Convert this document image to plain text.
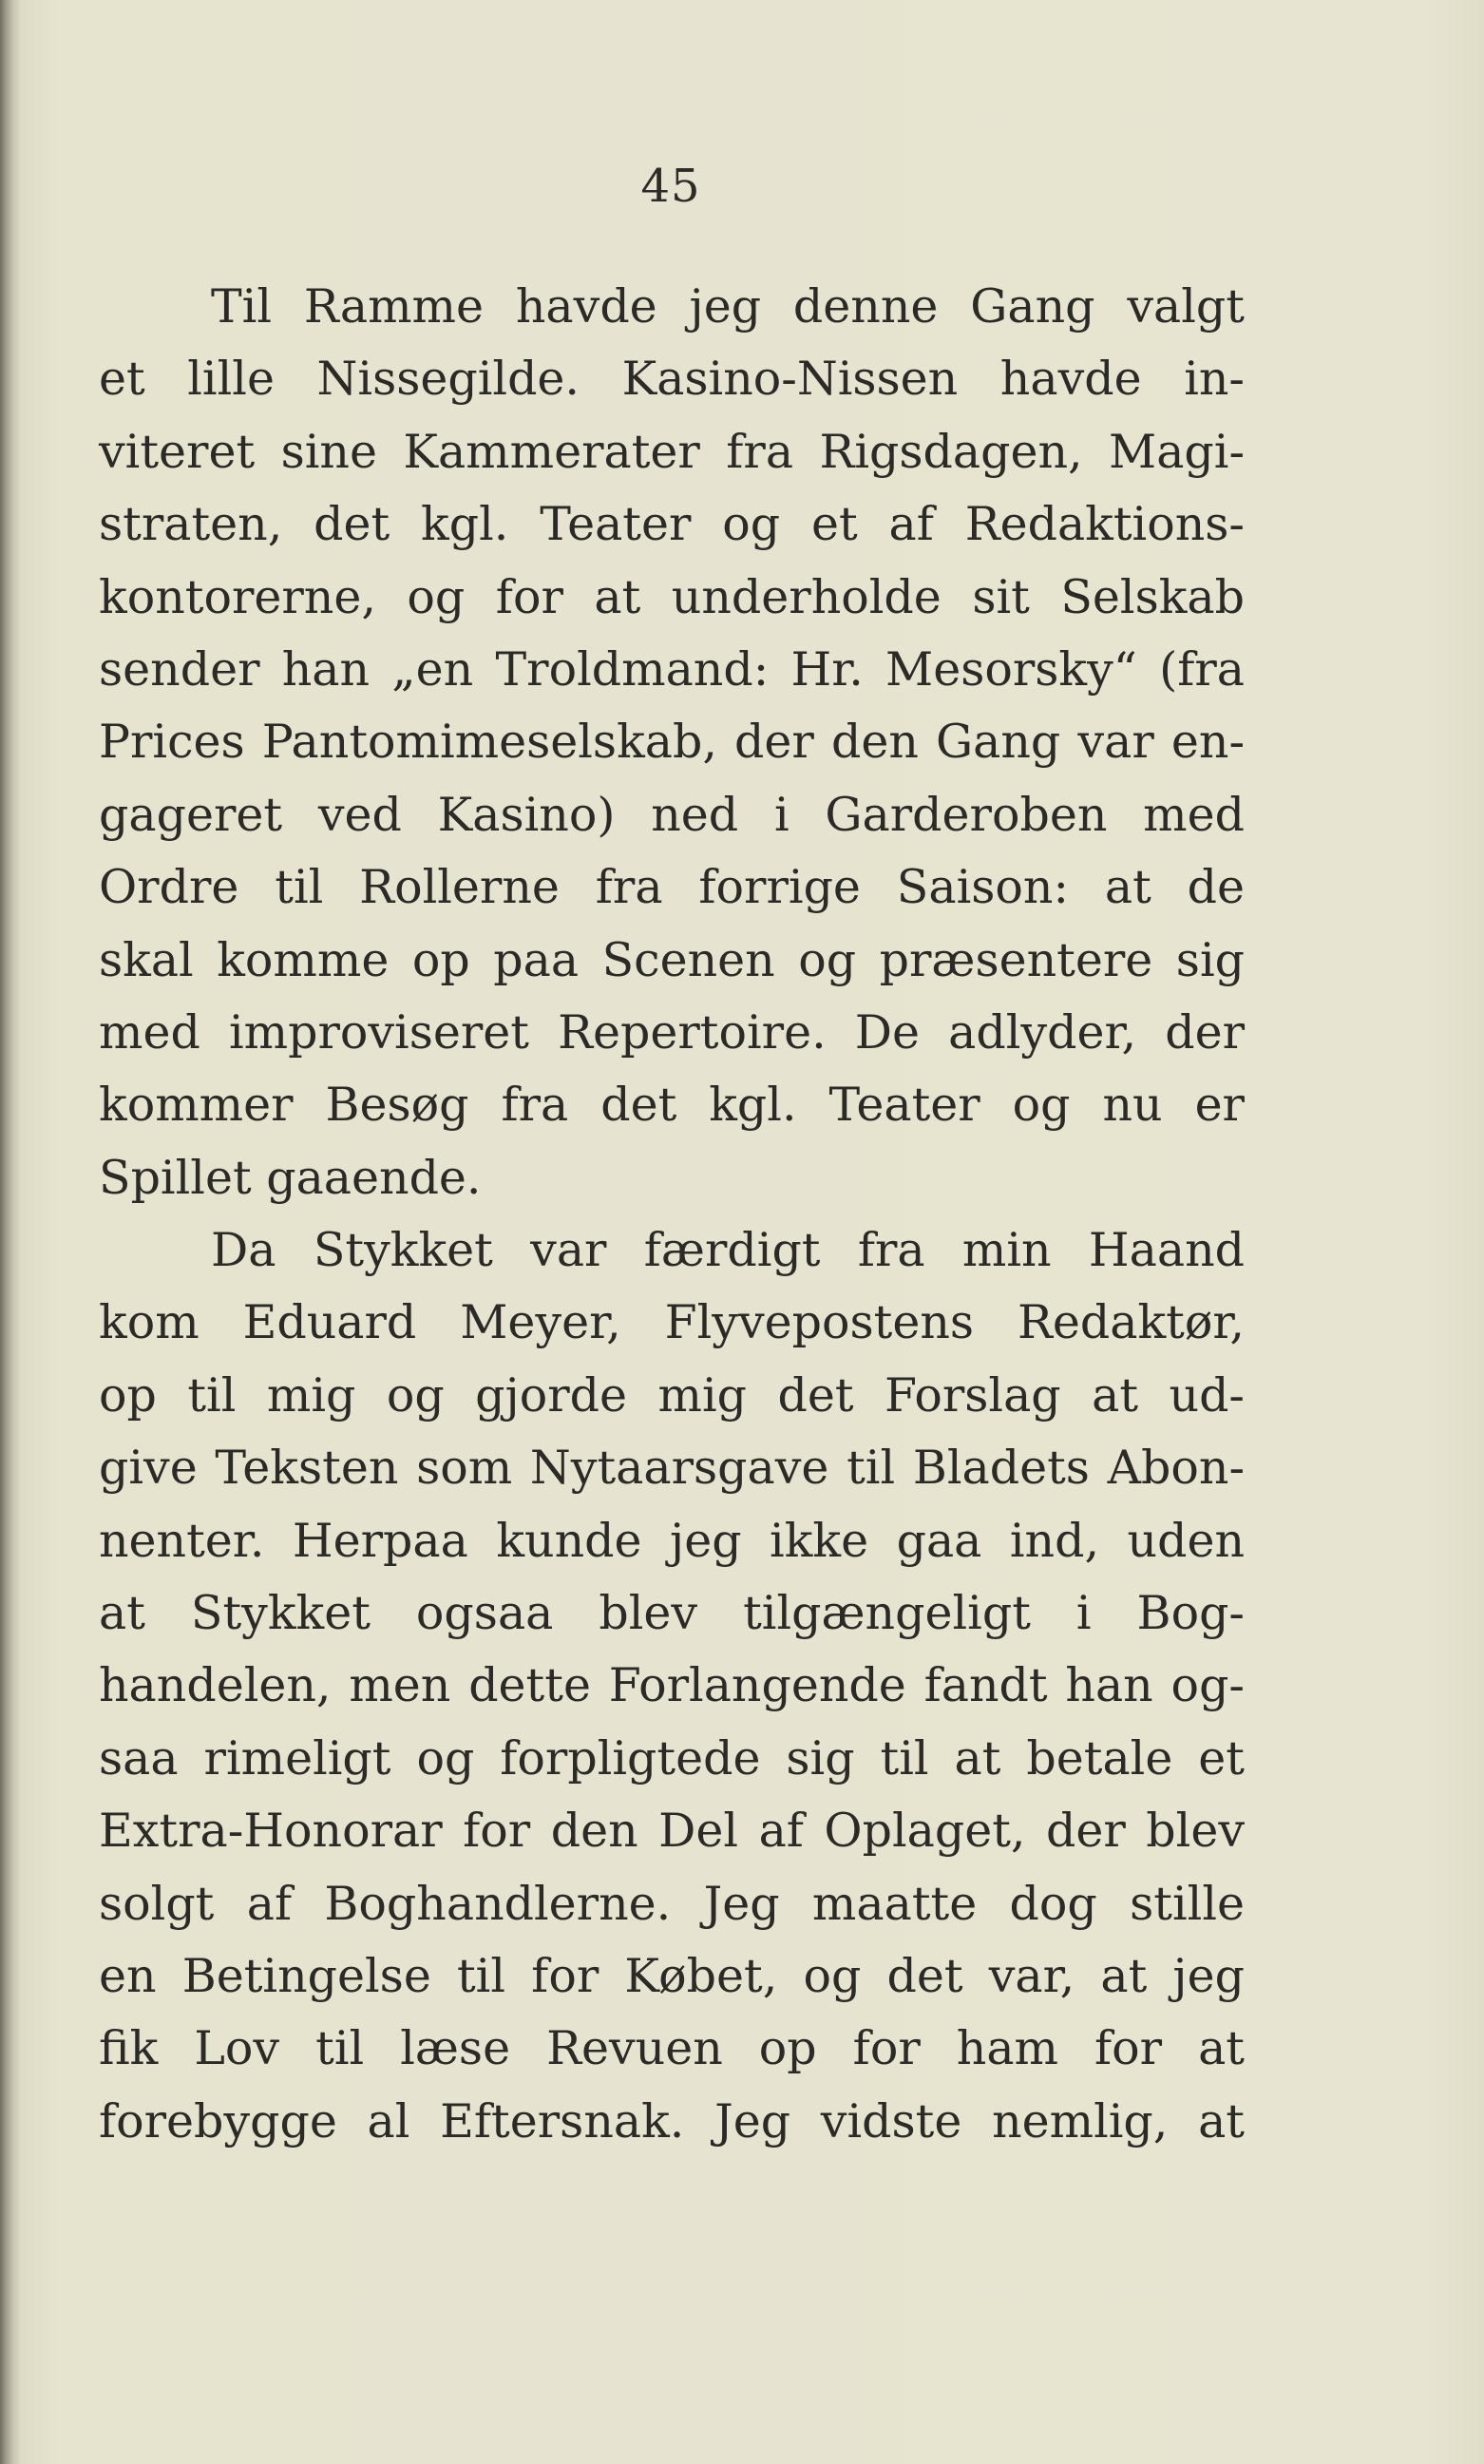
45
Til Ramme havde jeg denne Gang valgt
et lille Nissegilde. Kasino-Nissen havde in-
viteret sine Kammerater fra Rigsdagen, Magi-
straten, det kgl. Teater og et af Redaktions-
kontorerne, og for at underholde sit Selskab
sender han „en Troldmand: Hr. Mesorsky“ (fra
Prices Pantomimeselskab, der den Gang var en-
gageret ved Kasino) ned i Garderoben med
Ordre til Rollerne fra forrige Saison: at de
skal komme op paa Scenen og præsentere sig
med improviseret Repertoire. De adlyder, der
kommer Besøg fra det kgl. Teater og nu er
Spillet gaaende.
Da Stykket var færdigt fra min Haand
kom Eduard Meyer, Flyvepostens Redaktør,
op til mig og gjorde mig det Forslag at ud-
give Teksten som Nytaarsgave til Bladets Abon-
nenter. Herpaa kunde jeg ikke gaa ind, uden
at Stykket ogsaa blev tilgængeligt i Bog-
handelen, men dette Forlangende fandt han og-
saa rimeligt og forpligtede sig til at betale et
Extra-Honorar for den Del af Oplaget, der blev
solgt af Boghandlerne. Jeg maatte dog stille
en Betingelse til for Købet, og det var, at jeg
fik Lov til læse Revuen op for ham for at
forebygge al Eftersnak. Jeg vidste nemlig, at
